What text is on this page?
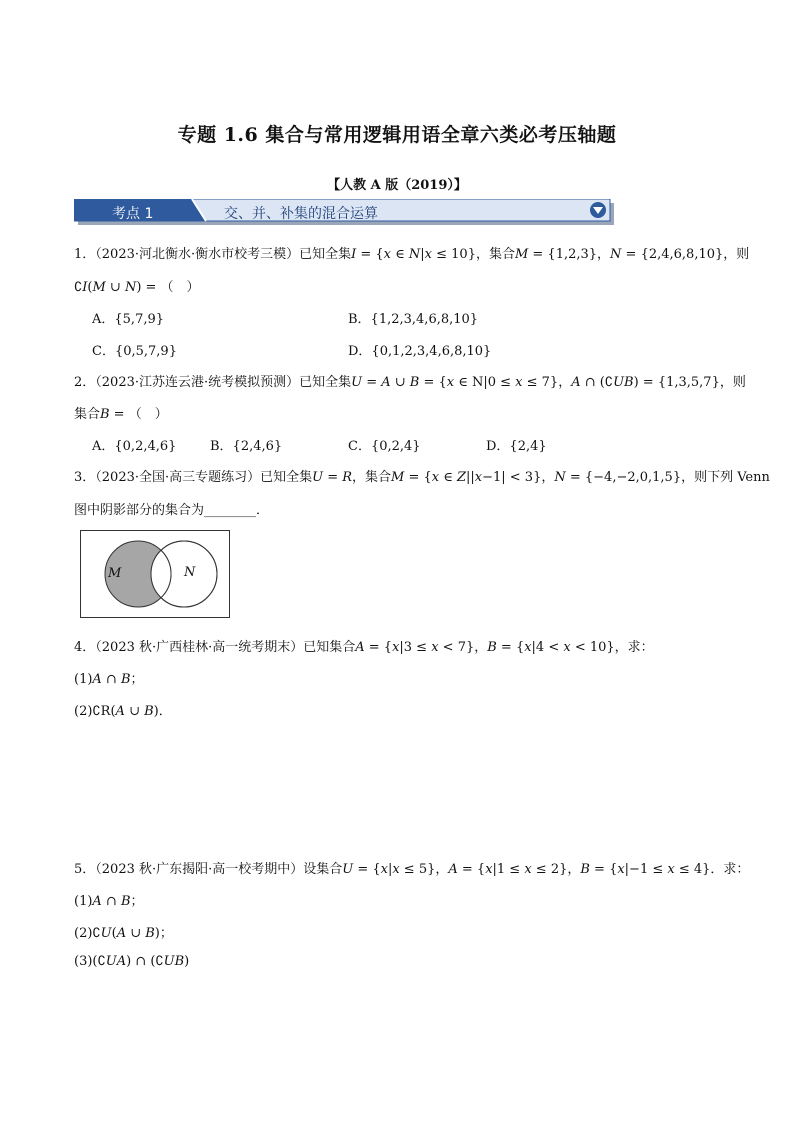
专题 1.6 集合与常用逻辑用语全章六类必考压轴题
【人教 A 版（2019）】
考点 1	交、并、补集的混合运算
1．（2023·河北衡水·衡水市校考三模）已知全集𝐼 = {𝑥 ∈ 𝑁|𝑥 ≤ 10}，集合𝑀 = {1,2,3}，𝑁 = {2,4,6,8,10}，则
∁𝐼(𝑀 ∪ 𝑁) = （　）
A．{5,7,9}	B．{1,2,3,4,6,8,10}
C．{0,5,7,9}	D．{0,1,2,3,4,6,8,10}
2．（2023·江苏连云港·统考模拟预测）已知全集𝑈 = 𝐴 ∪ 𝐵 = {𝑥 ∈ N|0 ≤ 𝑥 ≤ 7}，𝐴 ∩ (∁𝑈𝐵) = {1,3,5,7}，则
集合𝐵 = （　）
A．{0,2,4,6}	B．{2,4,6}	C．{0,2,4}	D．{2,4}
3．（2023·全国·高三专题练习）已知全集𝑈 = 𝑅，集合𝑀 = {𝑥 ∈ 𝑍||𝑥−1| < 3}，𝑁 = {−4,−2,0,1,5}，则下列 Venn
图中阴影部分的集合为________．
𝑀	𝑁
4．（2023 秋·广西桂林·高一统考期末）已知集合𝐴 = {𝑥|3 ≤ 𝑥 < 7}，𝐵 = {𝑥|4 < 𝑥 < 10}，求：
(1)𝐴 ∩ 𝐵；
(2)∁R(𝐴 ∪ 𝐵)．
5．（2023 秋·广东揭阳·高一校考期中）设集合𝑈 = {𝑥|𝑥 ≤ 5}，𝐴 = {𝑥|1 ≤ 𝑥 ≤ 2}，𝐵 = {𝑥|−1 ≤ 𝑥 ≤ 4}．求：
(1)𝐴 ∩ 𝐵；
(2)∁𝑈(𝐴 ∪ 𝐵)；
(3)(∁𝑈𝐴) ∩ (∁𝑈𝐵)
